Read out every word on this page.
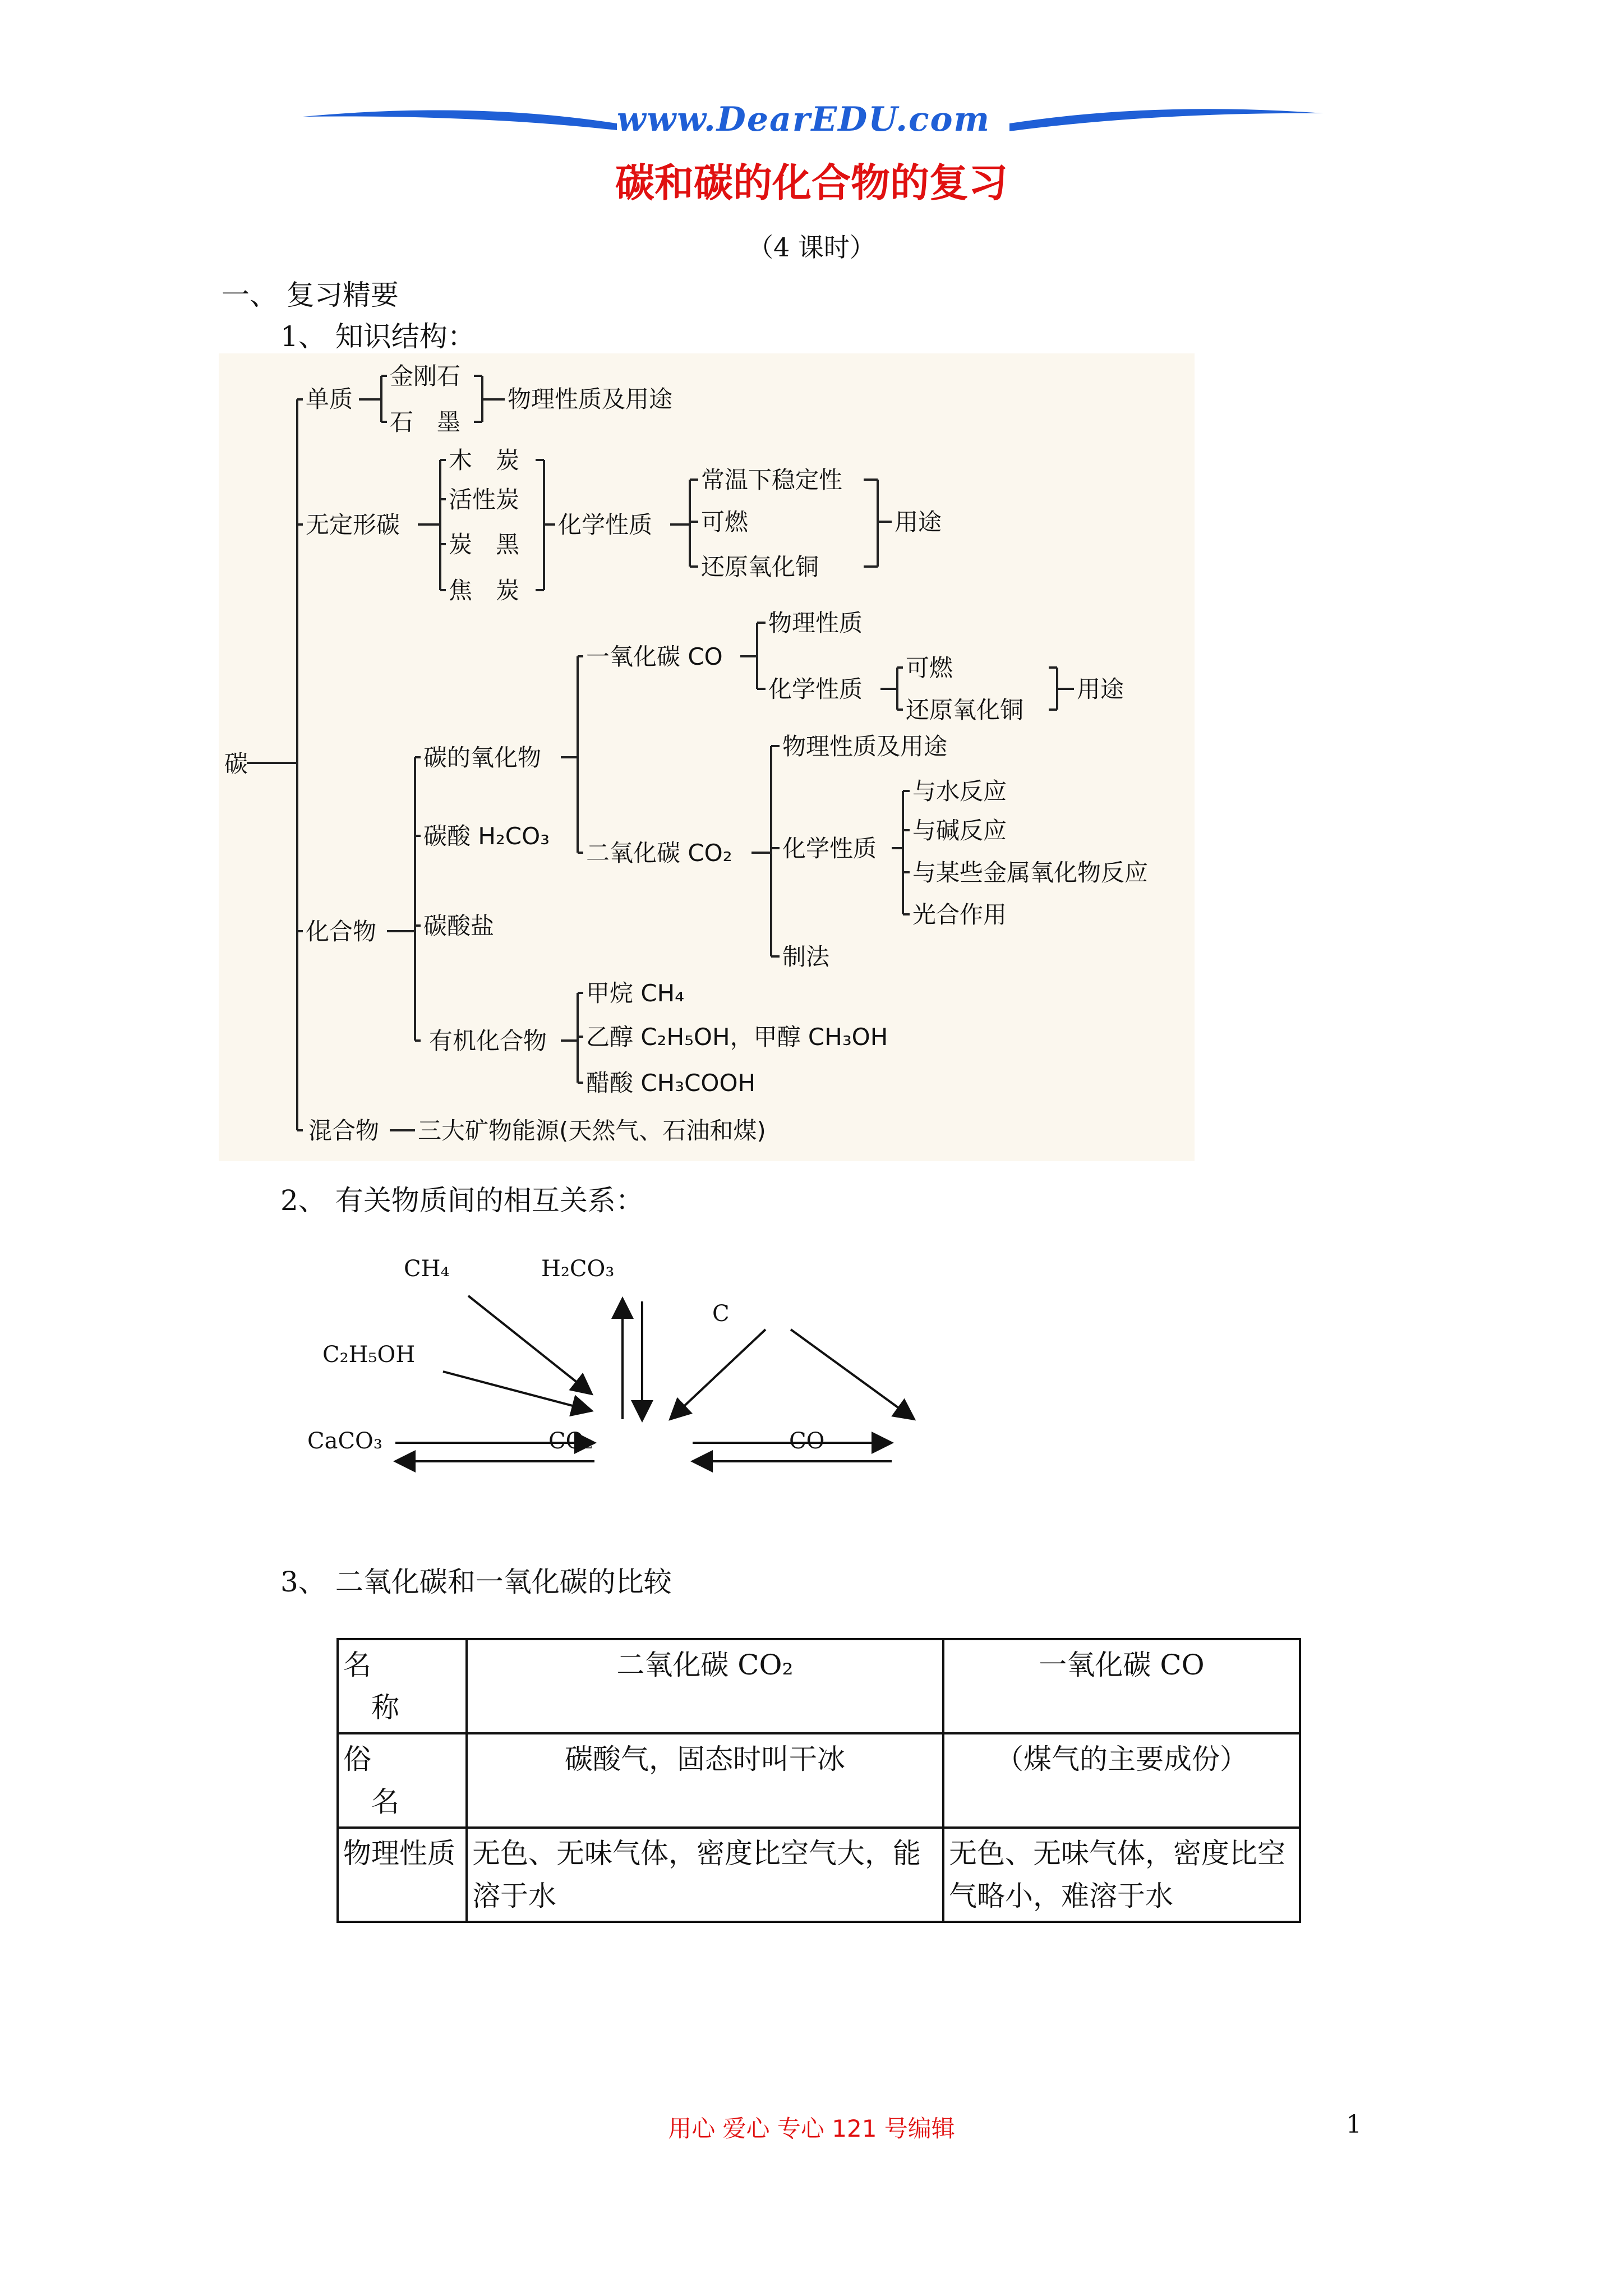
www.DearEDU.com
碳和碳的化合物的复习
（4 课时）
一、 复习精要
1、 知识结构：
碳
单质
金刚石
石　墨
物理性质及用途
无定形碳
木　炭
活性炭
炭　黑
焦　炭
化学性质
常温下稳定性
可燃
还原氧化铜
用途
化合物
碳的氧化物
一氧化碳 CO
物理性质
化学性质
可燃
还原氧化铜
用途
二氧化碳 CO₂
物理性质及用途
化学性质
与水反应
与碱反应
与某些金属氧化物反应
光合作用
制法
碳酸 H₂CO₃
碳酸盐
有机化合物
甲烷 CH₄
乙醇 C₂H₅OH，甲醇 CH₃OH
醋酸 CH₃COOH
混合物 三大矿物能源(天然气、石油和煤)
2、 有关物质间的相互关系：
CH₄	H₂CO₃
C
C₂H₅OH
CaCO₃	CO₂	CO
3、 二氧化碳和一氧化碳的比较
名
　称	二氧化碳 CO₂	一氧化碳 CO
俗
　名	碳酸气，固态时叫干冰	（煤气的主要成份）
物理性质	无色、无味气体，密度比空气大，能溶于水	无色、无味气体，密度比空气略小，难溶于水
用心 爱心 专心 121 号编辑	1
